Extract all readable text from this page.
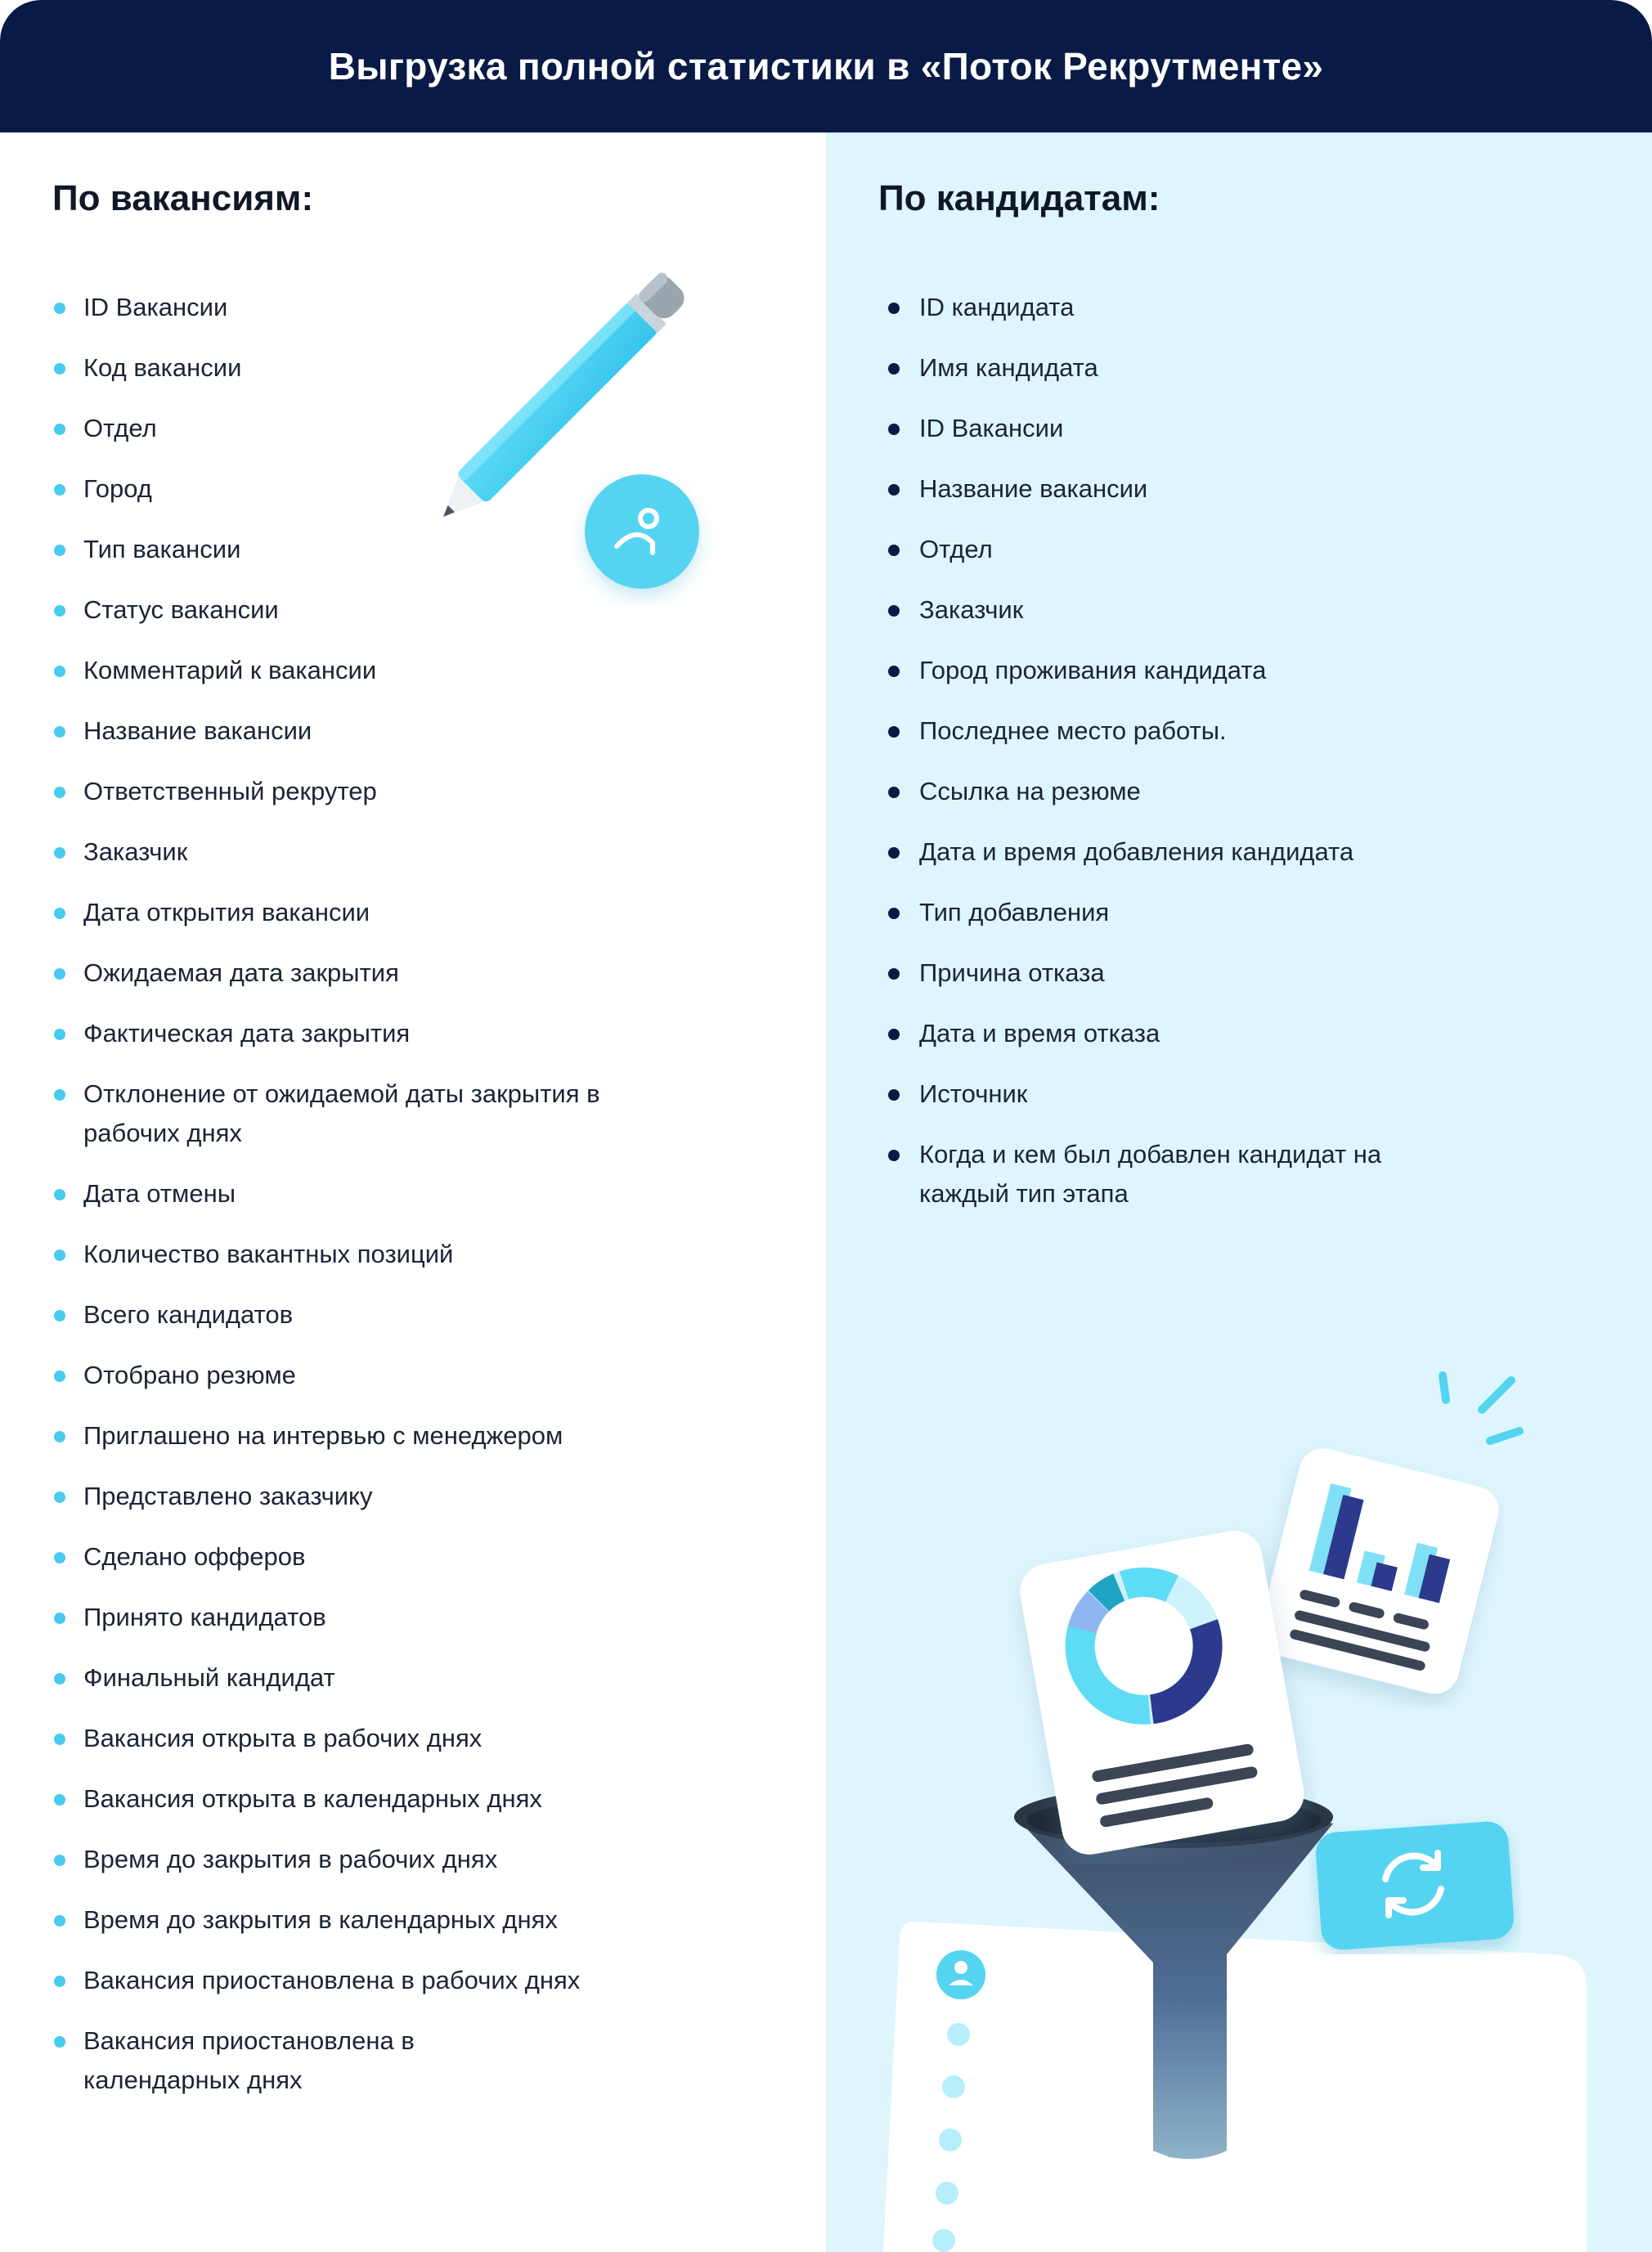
Выгрузка полной статистики в «Поток Рекрутменте»
По вакансиям:	По кандидатам:
ID Вакансии
Код вакансии
Отдел
Город
Тип вакансии
Статус вакансии
Комментарий к вакансии
Название вакансии
Ответственный рекрутер
Заказчик
Дата открытия вакансии
Ожидаемая дата закрытия
Фактическая дата закрытия
Отклонение от ожидаемой даты закрытия в рабочих днях
Дата отмены
Количество вакантных позиций
Всего кандидатов
Отобрано резюме
Приглашено на интервью с менеджером
Представлено заказчику
Сделано офферов
Принято кандидатов
Финальный кандидат
Вакансия открыта в рабочих днях
Вакансия открыта в календарных днях
Время до закрытия в рабочих днях
Время до закрытия в календарных днях
Вакансия приостановлена в рабочих днях
Вакансия приостановлена в календарных днях
ID кандидата
Имя кандидата
ID Вакансии
Название вакансии
Отдел
Заказчик
Город проживания кандидата
Последнее место работы.
Ссылка на резюме
Дата и время добавления кандидата
Тип добавления
Причина отказа
Дата и время отказа
Источник
Когда и кем был добавлен кандидат на каждый тип этапа
